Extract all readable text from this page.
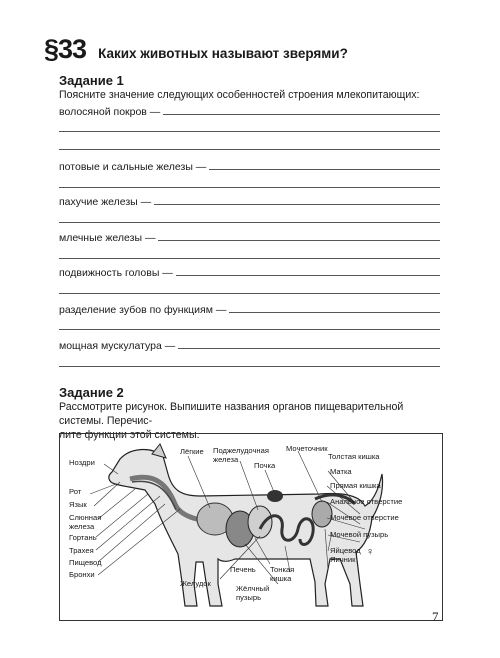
§33 Каких животных называют зверями?
Задание 1
Поясните значение следующих особенностей строения млекопитающих:
волосяной покров —
потовые и сальные железы —
пахучие железы —
млечные железы —
подвижность головы —
разделение зубов по функциям —
мощная мускулатура —
Задание 2
Рассмотрите рисунок. Выпишите названия органов пищеварительной системы. Перечис-
лите функции этой системы.
Ноздри
Рот
Язык
Слюнная
железа
Гортань
Трахея
Пищевод
Бронхи
Лёгкие Поджелудочная
железа
Почка
Мочеточник
Толстая кишка
Матка
Прямая кишка
Анальное отверстие
Мочевое отверстие
Мочевой пузырь
Яйцевод
Яичник
♀
Печень Тонкая
кишка
Желудок
Жёлчный
пузырь
7
